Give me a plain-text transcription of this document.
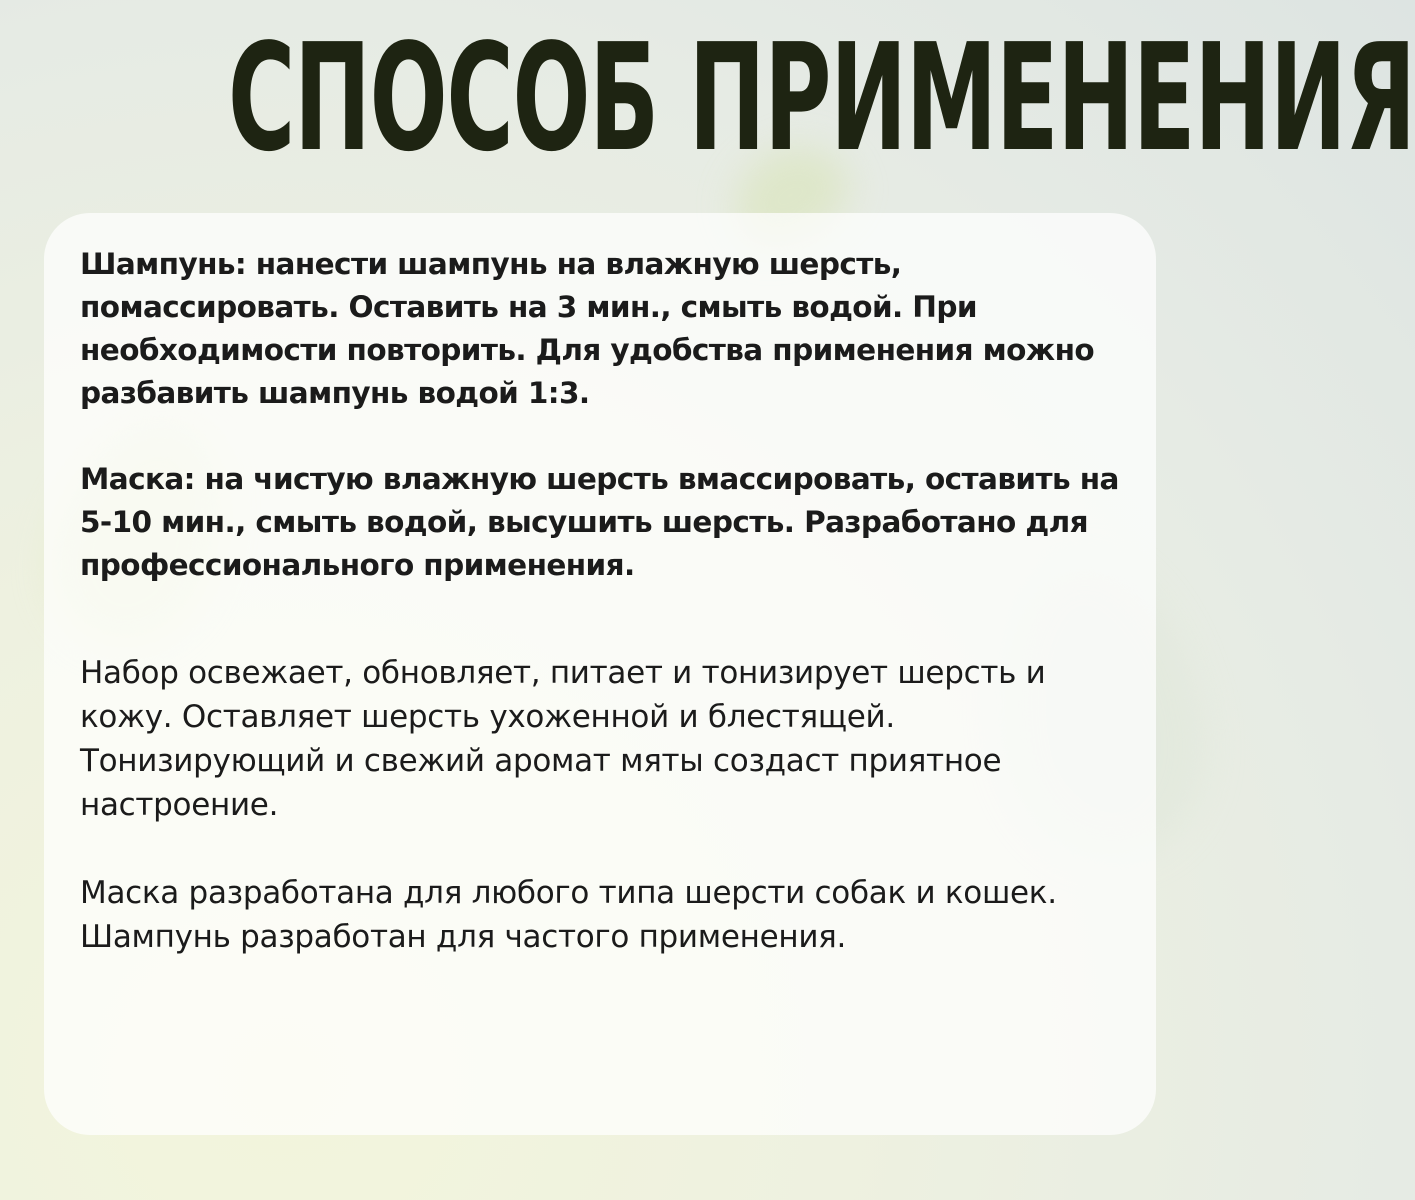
СПОСОБ ПРИМЕНЕНИЯ

Шампунь: нанести шампунь на влажную шерсть, помассировать. Оставить на 3 мин., смыть водой. При необходимости повторить. Для удобства применения можно разбавить шампунь водой 1:3.

Маска: на чистую влажную шерсть вмассировать, оставить на 5-10 мин., смыть водой, высушить шерсть. Разработано для профессионального применения.

Набор освежает, обновляет, питает и тонизирует шерсть и кожу. Оставляет шерсть ухоженной и блестящей. Тонизирующий и свежий аромат мяты создаст приятное настроение.

Маска разработана для любого типа шерсти собак и кошек.

Шампунь разработан для частого применения.
